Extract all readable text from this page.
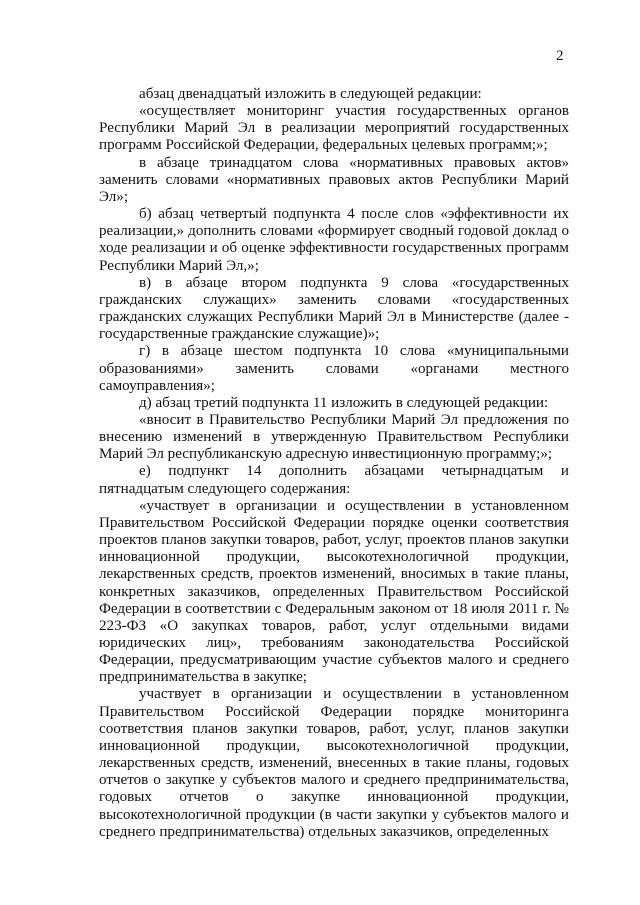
2

абзац двенадцатый изложить в следующей редакции:

«осуществляет мониторинг участия государственных органов Республики Марий Эл в реализации мероприятий государственных программ Российской Федерации, федеральных целевых программ;»;

в абзаце тринадцатом слова «нормативных правовых актов» заменить словами «нормативных правовых актов Республики Марий Эл»;

б) абзац четвертый подпункта 4 после слов «эффективности их реализации,» дополнить словами «формирует сводный годовой доклад о ходе реализации и об оценке эффективности государственных программ Республики Марий Эл,»;

в) в абзаце втором подпункта 9 слова «государственных гражданских служащих» заменить словами «государственных гражданских служащих Республики Марий Эл в Министерстве (далее - государственные гражданские служащие)»;

г) в абзаце шестом подпункта 10 слова «муниципальными образованиями» заменить словами «органами местного самоуправления»;

д) абзац третий подпункта 11 изложить в следующей редакции:

«вносит в Правительство Республики Марий Эл предложения по внесению изменений в утвержденную Правительством Республики Марий Эл республиканскую адресную инвестиционную программу;»;

е) подпункт 14 дополнить абзацами четырнадцатым и пятнадцатым следующего содержания:

«участвует в организации и осуществлении в установленном Правительством Российской Федерации порядке оценки соответствия проектов планов закупки товаров, работ, услуг, проектов планов закупки инновационной продукции, высокотехнологичной продукции, лекарственных средств, проектов изменений, вносимых в такие планы, конкретных заказчиков, определенных Правительством Российской Федерации в соответствии с Федеральным законом от 18 июля 2011 г. № 223-ФЗ «О закупках товаров, работ, услуг отдельными видами юридических лиц», требованиям законодательства Российской Федерации, предусматривающим участие субъектов малого и среднего предпринимательства в закупке;

участвует в организации и осуществлении в установленном Правительством Российской Федерации порядке мониторинга соответствия планов закупки товаров, работ, услуг, планов закупки инновационной продукции, высокотехнологичной продукции, лекарственных средств, изменений, внесенных в такие планы, годовых отчетов о закупке у субъектов малого и среднего предпринимательства, годовых отчетов о закупке инновационной продукции, высокотехнологичной продукции (в части закупки у субъектов малого и среднего предпринимательства) отдельных заказчиков, определенных
